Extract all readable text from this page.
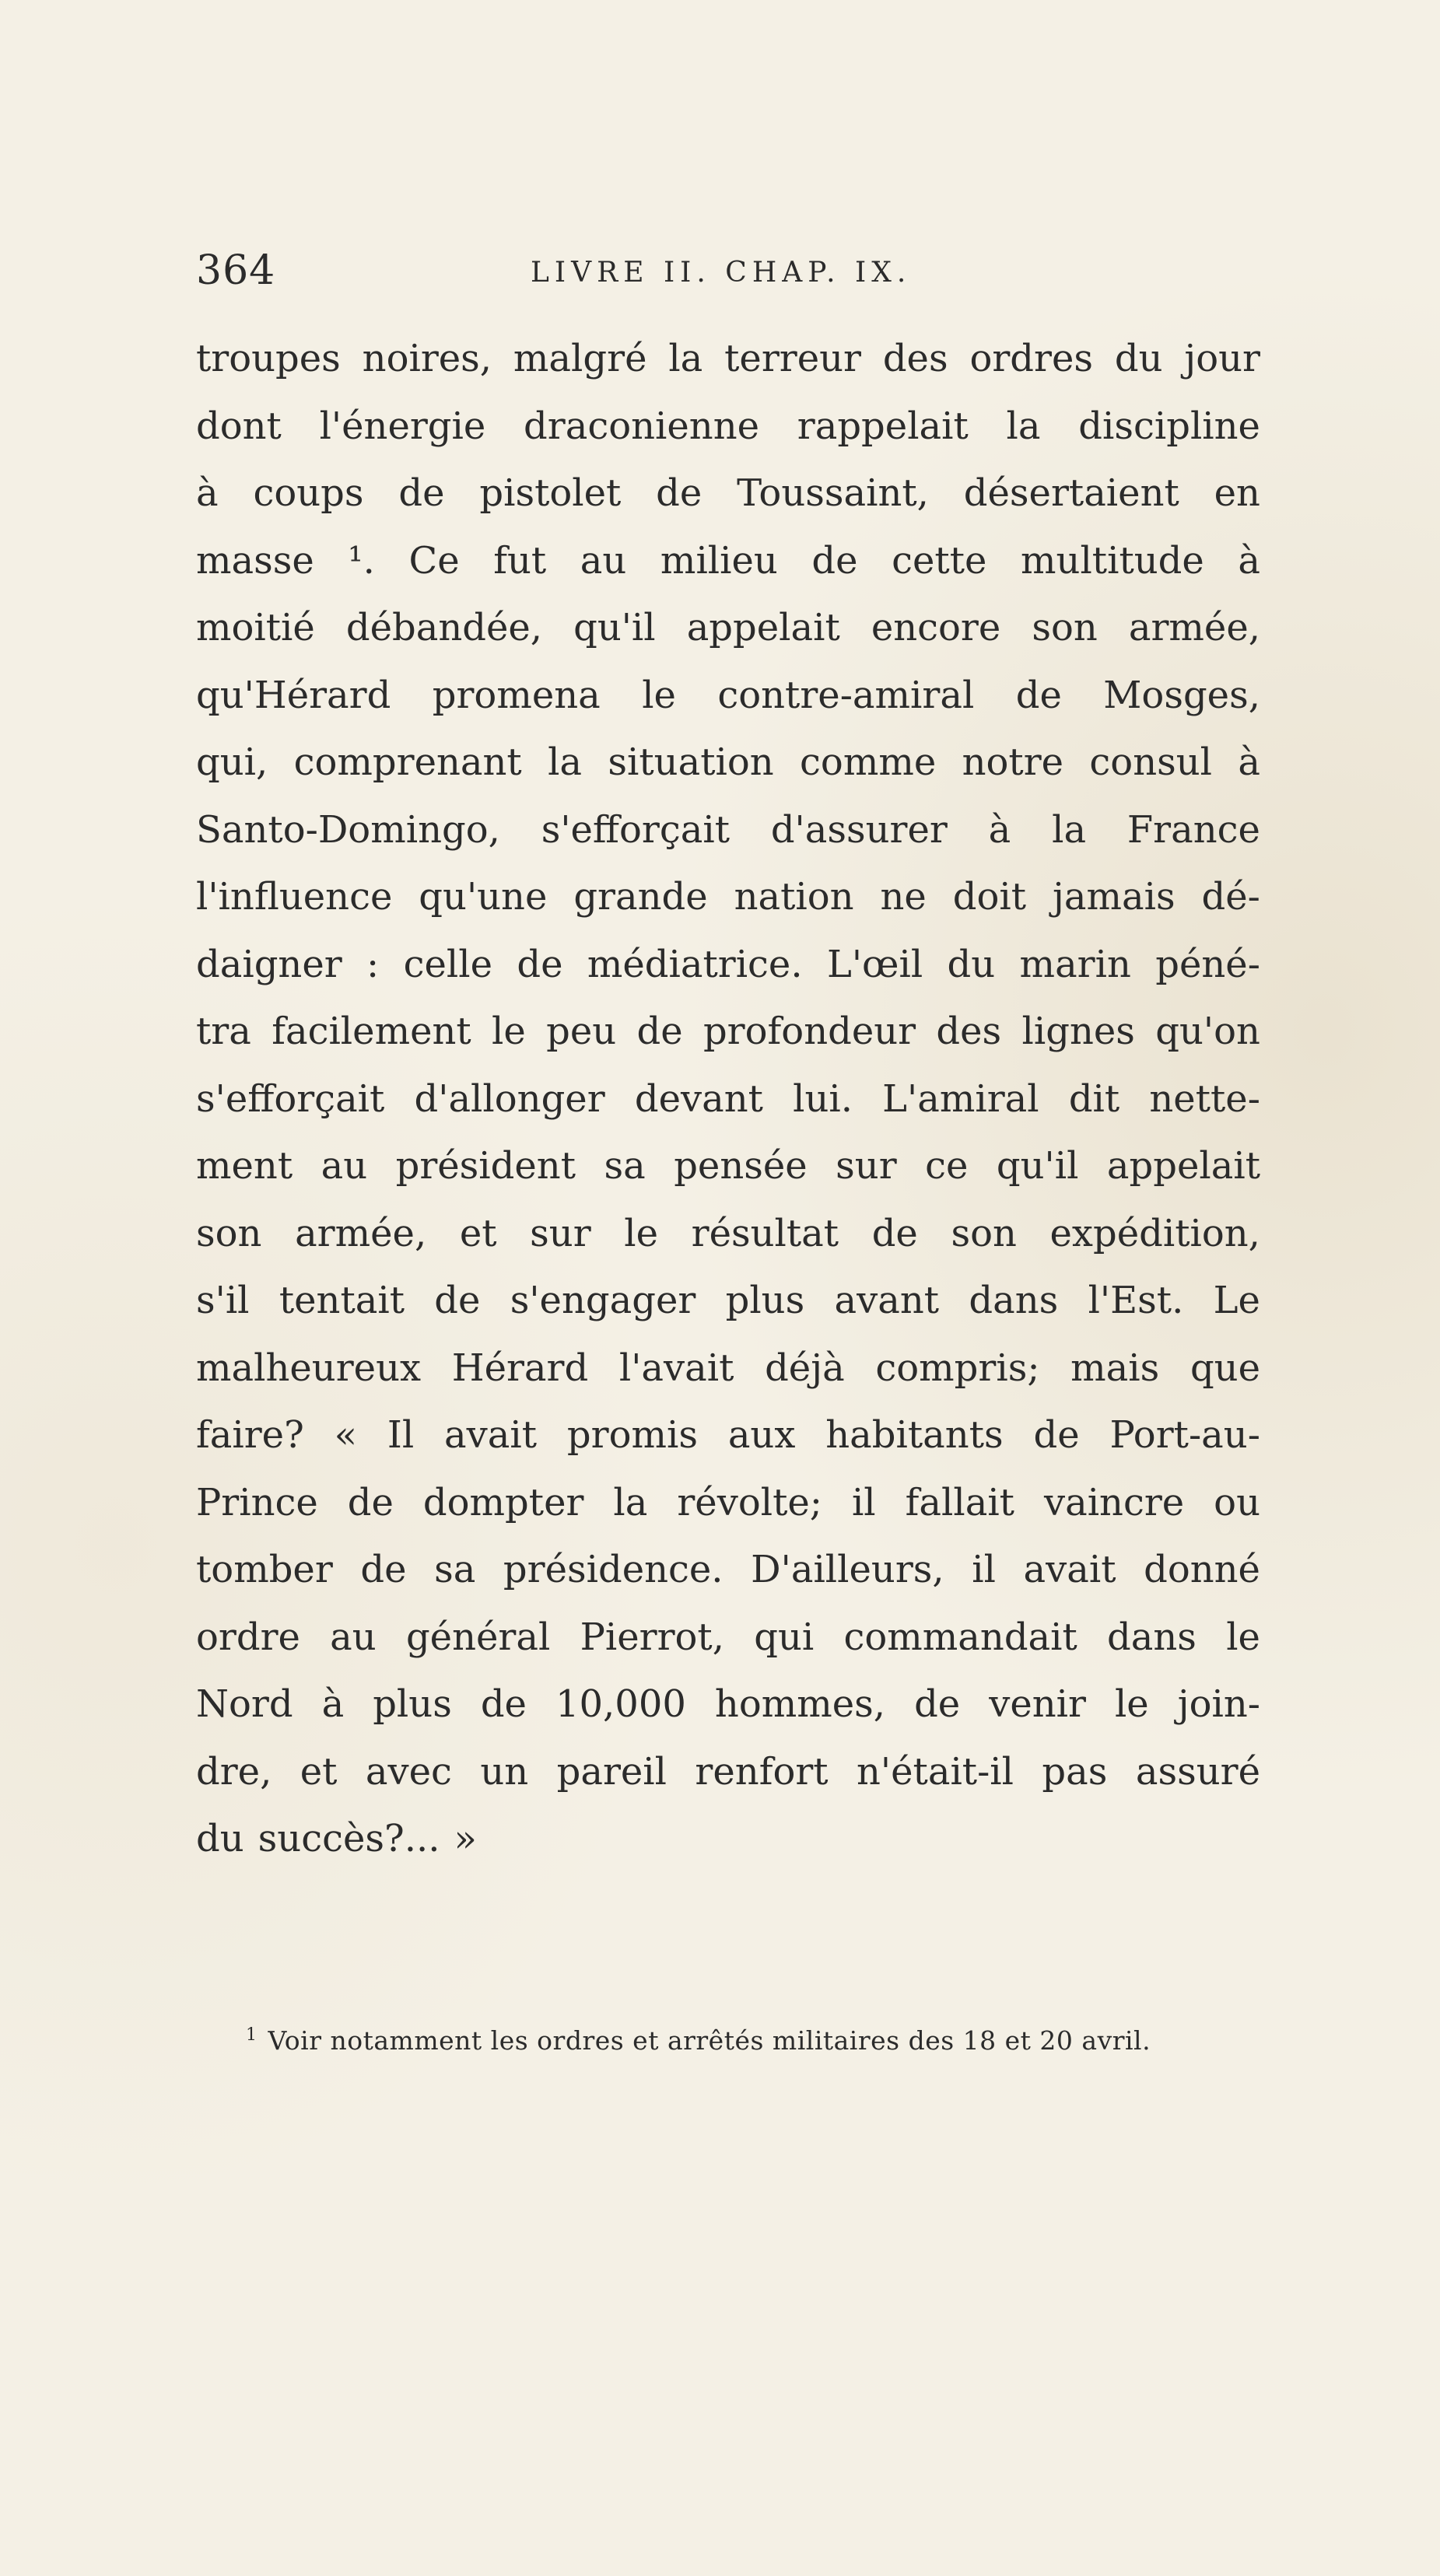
364	LIVRE II. CHAP. IX.
troupes noires, malgré la terreur des ordres du jour
dont l'énergie draconienne rappelait la discipline
à coups de pistolet de Toussaint, désertaient en
masse ¹. Ce fut au milieu de cette multitude à
moitié débandée, qu'il appelait encore son armée,
qu'Hérard promena le contre-amiral de Mosges,
qui, comprenant la situation comme notre consul à
Santo-Domingo, s'efforçait d'assurer à la France
l'influence qu'une grande nation ne doit jamais dé-
daigner : celle de médiatrice. L'œil du marin péné-
tra facilement le peu de profondeur des lignes qu'on
s'efforçait d'allonger devant lui. L'amiral dit nette-
ment au président sa pensée sur ce qu'il appelait
son armée, et sur le résultat de son expédition,
s'il tentait de s'engager plus avant dans l'Est. Le
malheureux Hérard l'avait déjà compris; mais que
faire? « Il avait promis aux habitants de Port-au-
Prince de dompter la révolte; il fallait vaincre ou
tomber de sa présidence. D'ailleurs, il avait donné
ordre au général Pierrot, qui commandait dans le
Nord à plus de 10,000 hommes, de venir le join-
dre, et avec un pareil renfort n'était-il pas assuré
du succès?... »
$^1$ Voir notamment les ordres et arrêtés militaires des 18 et 20 avril.
